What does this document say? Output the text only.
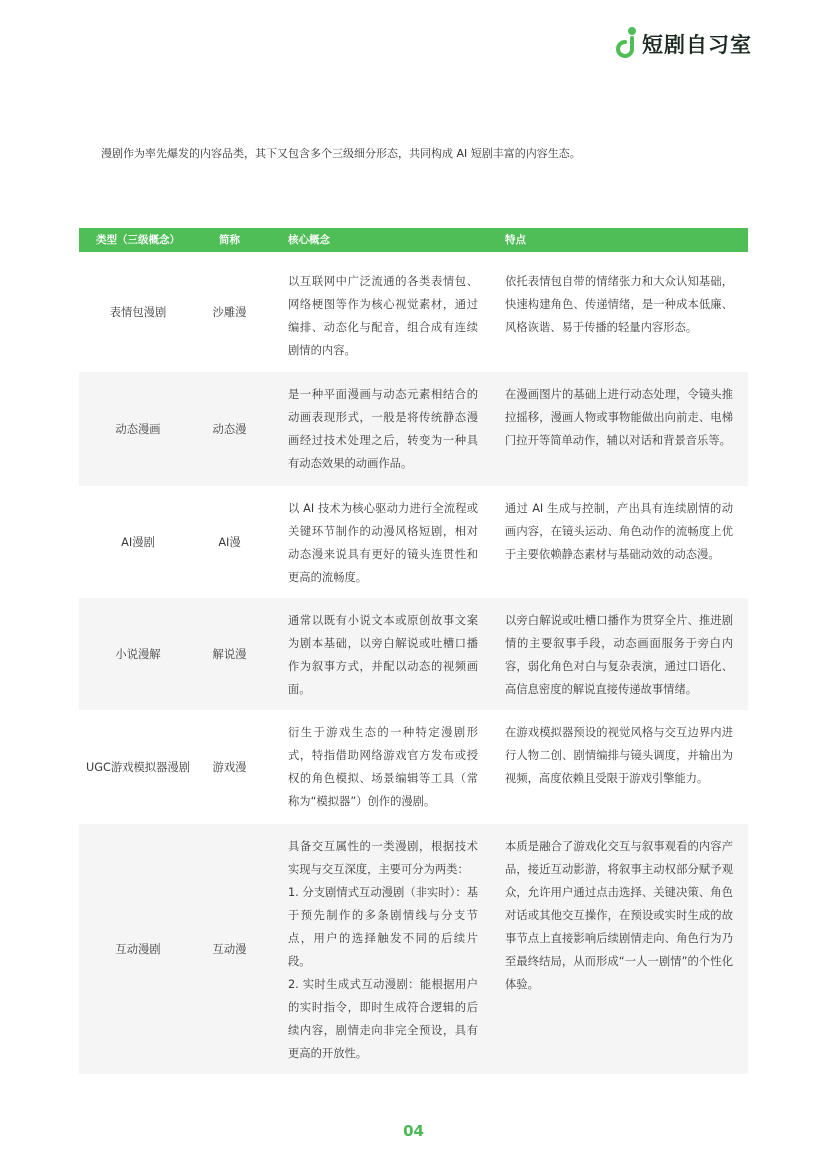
短剧自习室
漫剧作为率先爆发的内容品类，其下又包含多个三级细分形态，共同构成 AI 短剧丰富的内容生态。
类型（三级概念）	简称	核心概念	特点
表情包漫剧	沙雕漫	以互联网中广泛流通的各类表情包、网络梗图等作为核心视觉素材，通过编排、动态化与配音，组合成有连续剧情的内容。	依托表情包自带的情绪张力和大众认知基础，快速构建角色、传递情绪，是一种成本低廉、风格诙谐、易于传播的轻量内容形态。
动态漫画	动态漫	是一种平面漫画与动态元素相结合的动画表现形式，一般是将传统静态漫画经过技术处理之后，转变为一种具有动态效果的动画作品。	在漫画图片的基础上进行动态处理，令镜头推拉摇移，漫画人物或事物能做出向前走、电梯门拉开等简单动作，辅以对话和背景音乐等。
AI漫剧	AI漫	以 AI 技术为核心驱动力进行全流程或关键环节制作的动漫风格短剧，相对动态漫来说具有更好的镜头连贯性和更高的流畅度。	通过 AI 生成与控制，产出具有连续剧情的动画内容，在镜头运动、角色动作的流畅度上优于主要依赖静态素材与基础动效的动态漫。
小说漫解	解说漫	通常以既有小说文本或原创故事文案为剧本基础，以旁白解说或吐槽口播作为叙事方式，并配以动态的视频画面。	以旁白解说或吐槽口播作为贯穿全片、推进剧情的主要叙事手段，动态画面服务于旁白内容，弱化角色对白与复杂表演，通过口语化、高信息密度的解说直接传递故事情绪。
UGC游戏模拟器漫剧	游戏漫	衍生于游戏生态的一种特定漫剧形式，特指借助网络游戏官方发布或授权的角色模拟、场景编辑等工具（常称为“模拟器”）创作的漫剧。	在游戏模拟器预设的视觉风格与交互边界内进行人物二创、剧情编排与镜头调度，并输出为视频，高度依赖且受限于游戏引擎能力。
互动漫剧	互动漫	具备交互属性的一类漫剧，根据技术实现与交互深度，主要可分为两类：

1. 分支剧情式互动漫剧（非实时）：基于预先制作的多条剧情线与分支节点，用户的选择触发不同的后续片段。

2. 实时生成式互动漫剧：能根据用户的实时指令，即时生成符合逻辑的后续内容，剧情走向非完全预设，具有更高的开放性。	本质是融合了游戏化交互与叙事观看的内容产品，接近互动影游，将叙事主动权部分赋予观众，允许用户通过点击选择、关键决策、角色对话或其他交互操作，在预设或实时生成的故事节点上直接影响后续剧情走向、角色行为乃至最终结局，从而形成“一人一剧情”的个性化体验。
04
